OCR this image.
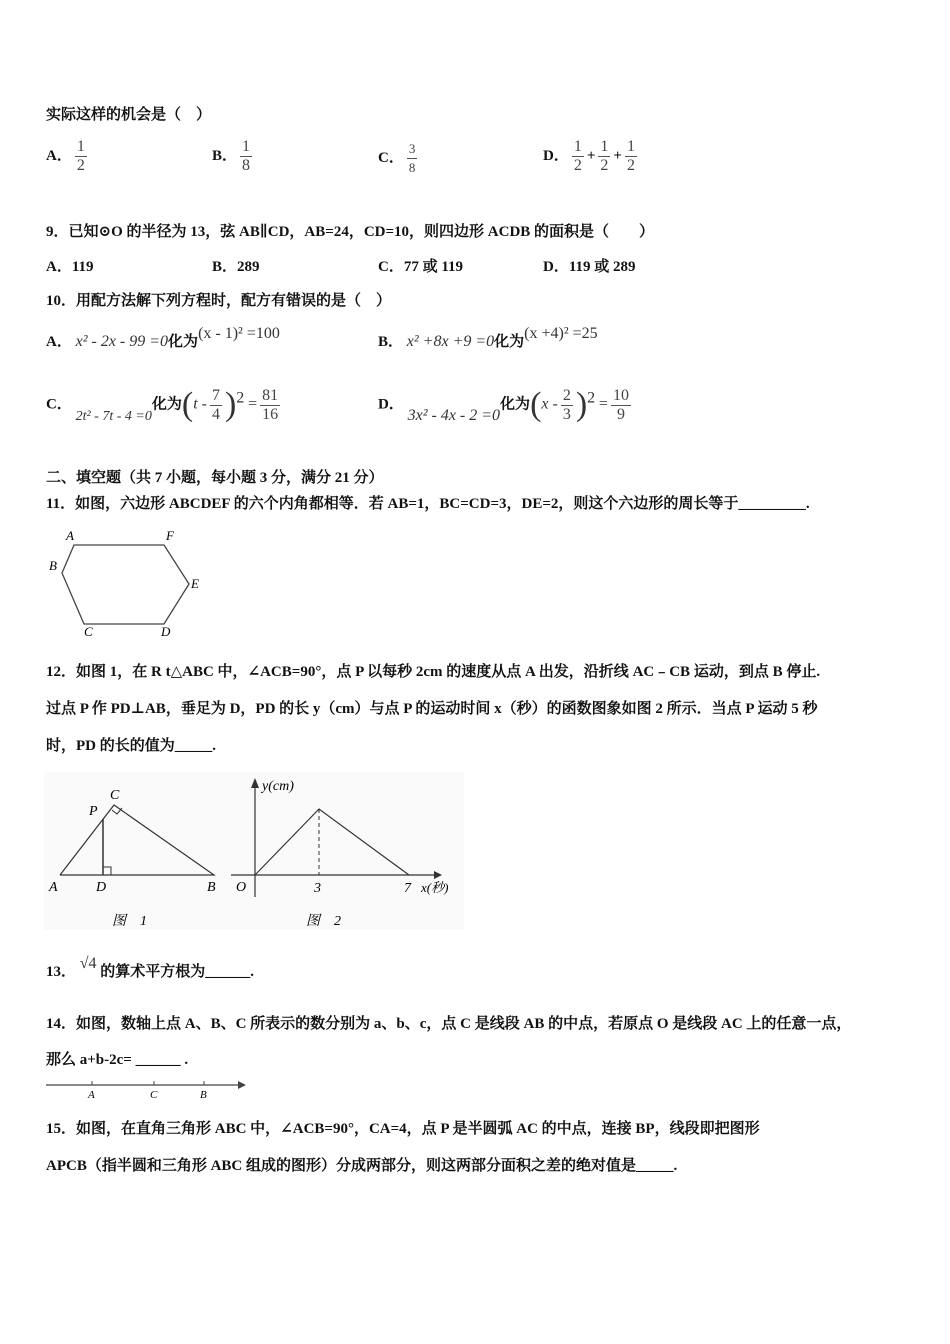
实际这样的机会是（　）
A． $\frac{1}{2}$	B． $\frac{1}{8}$	C． $\frac{3}{8}$	D． $\frac{1}{2} + \frac{1}{2} + \frac{1}{2}$
9．已知⊙O 的半径为 13，弦 AB∥CD，AB=24，CD=10，则四边形 ACDB 的面积是（　　）
A．119	B．289	C．77 或 119	D．119 或 289
10．用配方法解下列方程时，配方有错误的是（　）
A． x² - 2x - 99 =0化为(x - 1)² =100	B． x² +8x +9 =0化为(x +4)² =25
C． 2t² - 7t - 4 =0化为$(t - \frac{7}{4} )^2 = \frac{81}{16}$	D． 3x² - 4x - 2 =0化为$(x - \frac{2}{3} )^2 = \frac{10}{9}$
二、填空题（共 7 小题，每小题 3 分，满分 21 分）
11．如图，六边形 ABCDEF 的六个内角都相等．若 AB=1，BC=CD=3，DE=2，则这个六边形的周长等于_________.
A	F
B
E
C	D
12．如图 1，在 R t△ABC 中，∠ACB=90°，点 P 以每秒 2cm 的速度从点 A 出发，沿折线 AC﹣CB 运动，到点 B 停止.
过点 P 作 PD⊥AB，垂足为 D，PD 的长 y（cm）与点 P 的运动时间 x（秒）的函数图象如图 2 所示．当点 P 运动 5 秒
时，PD 的长的值为_____.
A	D	B
P
C
图　1
y(cm)
O	3	7 x(秒)
图　2
13． √4 的算术平方根为______.
14．如图，数轴上点 A、B、C 所表示的数分别为 a、b、c，点 C 是线段 AB 的中点，若原点 O 是线段 AC 上的任意一点，
那么 a+b-2c= ______ .
A	C	B
15．如图，在直角三角形 ABC 中，∠ACB=90°，CA=4，点 P 是半圆弧 AC 的中点，连接 BP，线段即把图形
APCB（指半圆和三角形 ABC 组成的图形）分成两部分，则这两部分面积之差的绝对值是_____.
